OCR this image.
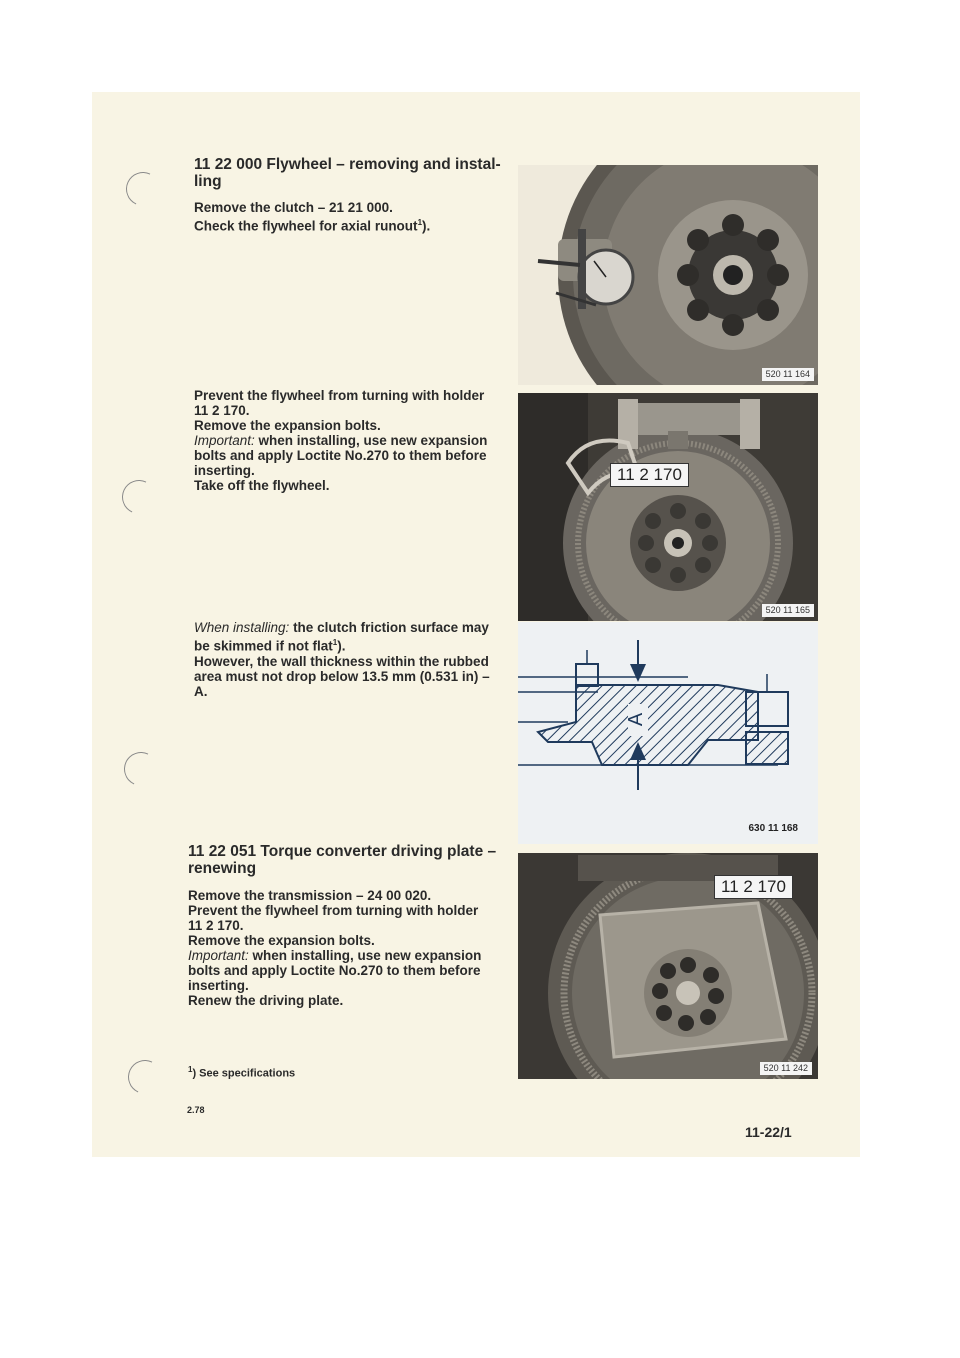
11 22 000 Flywheel – removing and instal-
ling

Remove the clutch – 21 21 000.

Check the flywheel for axial runout$^1$).

Prevent the flywheel from turning with holder

11 2 170.

Remove the expansion bolts.

Important: when installing, use new expansion

bolts and apply Loctite No.270 to them before

inserting.

Take off the flywheel.

When installing: the clutch friction surface may

be skimmed if not flat$^1$).

However, the wall thickness within the rubbed

area must not drop below 13.5 mm (0.531 in) –

A.

11 22 051 Torque converter driving plate –
renewing

Remove the transmission – 24 00 020.

Prevent the flywheel from turning with holder

11 2 170.

Remove the expansion bolts.

Important: when installing, use new expansion

bolts and apply Loctite No.270 to them before

inserting.

Renew the driving plate.

$^1$) See specifications
2.78
11-22/1
520 11 164
11 2 170
520 11 165
A
630 11 168
11 2 170
520 11 242
